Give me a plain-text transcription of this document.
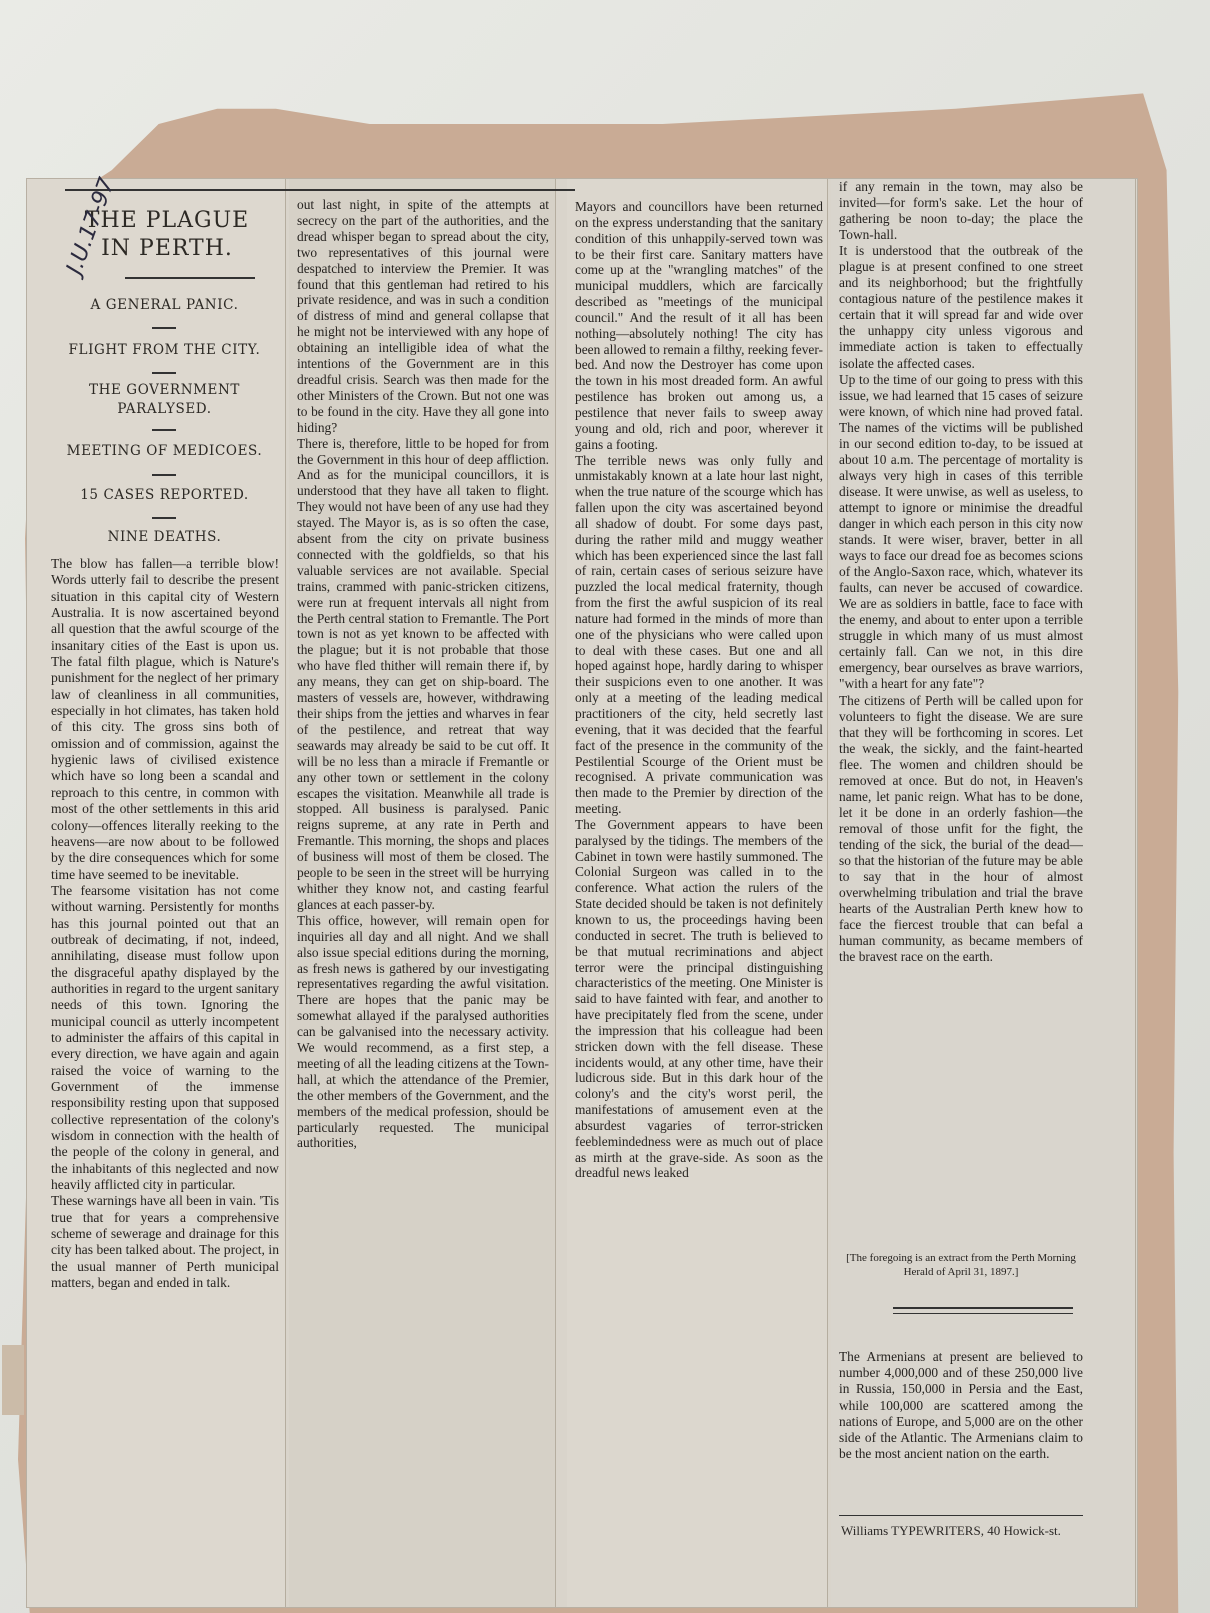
THE PLAGUE IN PERTH.
J.U.17-97
A GENERAL PANIC.
FLIGHT FROM THE CITY.
THE GOVERNMENT PARALYSED.
MEETING OF MEDICOES.
15 CASES REPORTED.
NINE DEATHS.
The blow has fallen—a terrible blow! Words utterly fail to describe the present situation in this capital city of Western Australia. It is now ascertained beyond all question that the awful scourge of the insanitary cities of the East is upon us. The fatal filth plague, which is Nature's punishment for the neglect of her primary law of cleanliness in all communities, especially in hot climates, has taken hold of this city. The gross sins both of omission and of commission, against the hygienic laws of civilised existence which have so long been a scandal and reproach to this centre, in common with most of the other settlements in this arid colony—offences literally reeking to the heavens—are now about to be followed by the dire consequences which for some time have seemed to be inevitable.
The fearsome visitation has not come without warning. Persistently for months has this journal pointed out that an outbreak of decimating, if not, indeed, annihilating, disease must follow upon the disgraceful apathy displayed by the authorities in regard to the urgent sanitary needs of this town. Ignoring the municipal council as utterly incompetent to administer the affairs of this capital in every direction, we have again and again raised the voice of warning to the Government of the immense responsibility resting upon that supposed collective representation of the colony's wisdom in connection with the health of the people of the colony in general, and the inhabitants of this neglected and now heavily afflicted city in particular.
These warnings have all been in vain. 'Tis true that for years a comprehensive scheme of sewerage and drainage for this city has been talked about. The project, in the usual manner of Perth municipal matters, began and ended in talk.
out last night, in spite of the attempts at secrecy on the part of the authorities, and the dread whisper began to spread about the city, two representatives of this journal were despatched to interview the Premier. It was found that this gentleman had retired to his private residence, and was in such a condition of distress of mind and general collapse that he might not be interviewed with any hope of obtaining an intelligible idea of what the intentions of the Government are in this dreadful crisis. Search was then made for the other Ministers of the Crown. But not one was to be found in the city. Have they all gone into hiding?
There is, therefore, little to be hoped for from the Government in this hour of deep affliction. And as for the municipal councillors, it is understood that they have all taken to flight. They would not have been of any use had they stayed. The Mayor is, as is so often the case, absent from the city on private business connected with the goldfields, so that his valuable services are not available. Special trains, crammed with panic-stricken citizens, were run at frequent intervals all night from the Perth central station to Fremantle. The Port town is not as yet known to be affected with the plague; but it is not probable that those who have fled thither will remain there if, by any means, they can get on ship-board. The masters of vessels are, however, withdrawing their ships from the jetties and wharves in fear of the pestilence, and retreat that way seawards may already be said to be cut off. It will be no less than a miracle if Fremantle or any other town or settlement in the colony escapes the visitation. Meanwhile all trade is stopped. All business is paralysed. Panic reigns supreme, at any rate in Perth and Fremantle. This morning, the shops and places of business will most of them be closed. The people to be seen in the street will be hurrying whither they know not, and casting fearful glances at each passer-by.
This office, however, will remain open for inquiries all day and all night. And we shall also issue special editions during the morning, as fresh news is gathered by our investigating representatives regarding the awful visitation. There are hopes that the panic may be somewhat allayed if the paralysed authorities can be galvanised into the necessary activity. We would recommend, as a first step, a meeting of all the leading citizens at the Town-hall, at which the attendance of the Premier, the other members of the Government, and the members of the medical profession, should be particularly requested. The municipal authorities,
Mayors and councillors have been returned on the express understanding that the sanitary condition of this unhappily-served town was to be their first care. Sanitary matters have come up at the "wrangling matches" of the municipal muddlers, which are farcically described as "meetings of the municipal council." And the result of it all has been nothing—absolutely nothing! The city has been allowed to remain a filthy, reeking fever-bed. And now the Destroyer has come upon the town in his most dreaded form. An awful pestilence has broken out among us, a pestilence that never fails to sweep away young and old, rich and poor, wherever it gains a footing.
The terrible news was only fully and unmistakably known at a late hour last night, when the true nature of the scourge which has fallen upon the city was ascertained beyond all shadow of doubt. For some days past, during the rather mild and muggy weather which has been experienced since the last fall of rain, certain cases of serious seizure have puzzled the local medical fraternity, though from the first the awful suspicion of its real nature had formed in the minds of more than one of the physicians who were called upon to deal with these cases. But one and all hoped against hope, hardly daring to whisper their suspicions even to one another. It was only at a meeting of the leading medical practitioners of the city, held secretly last evening, that it was decided that the fearful fact of the presence in the community of the Pestilential Scourge of the Orient must be recognised. A private communication was then made to the Premier by direction of the meeting.
The Government appears to have been paralysed by the tidings. The members of the Cabinet in town were hastily summoned. The Colonial Surgeon was called in to the conference. What action the rulers of the State decided should be taken is not definitely known to us, the proceedings having been conducted in secret. The truth is believed to be that mutual recriminations and abject terror were the principal distinguishing characteristics of the meeting. One Minister is said to have fainted with fear, and another to have precipitately fled from the scene, under the impression that his colleague had been stricken down with the fell disease. These incidents would, at any other time, have their ludicrous side. But in this dark hour of the colony's and the city's worst peril, the manifestations of amusement even at the absurdest vagaries of terror-stricken feeblemindedness were as much out of place as mirth at the grave-side. As soon as the dreadful news leaked
if any remain in the town, may also be invited—for form's sake. Let the hour of gathering be noon to-day; the place the Town-hall.
It is understood that the outbreak of the plague is at present confined to one street and its neighborhood; but the frightfully contagious nature of the pestilence makes it certain that it will spread far and wide over the unhappy city unless vigorous and immediate action is taken to effectually isolate the affected cases.
Up to the time of our going to press with this issue, we had learned that 15 cases of seizure were known, of which nine had proved fatal. The names of the victims will be published in our second edition to-day, to be issued at about 10 a.m. The percentage of mortality is always very high in cases of this terrible disease. It were unwise, as well as useless, to attempt to ignore or minimise the dreadful danger in which each person in this city now stands. It were wiser, braver, better in all ways to face our dread foe as becomes scions of the Anglo-Saxon race, which, whatever its faults, can never be accused of cowardice. We are as soldiers in battle, face to face with the enemy, and about to enter upon a terrible struggle in which many of us must almost certainly fall. Can we not, in this dire emergency, bear ourselves as brave warriors, "with a heart for any fate"?
The citizens of Perth will be called upon for volunteers to fight the disease. We are sure that they will be forthcoming in scores. Let the weak, the sickly, and the faint-hearted flee. The women and children should be removed at once. But do not, in Heaven's name, let panic reign. What has to be done, let it be done in an orderly fashion—the removal of those unfit for the fight, the tending of the sick, the burial of the dead—so that the historian of the future may be able to say that in the hour of almost overwhelming tribulation and trial the brave hearts of the Australian Perth knew how to face the fiercest trouble that can befal a human community, as became members of the bravest race on the earth.
[The foregoing is an extract from the Perth Morning Herald of April 31, 1897.]
The Armenians at present are believed to number 4,000,000 and of these 250,000 live in Russia, 150,000 in Persia and the East, while 100,000 are scattered among the nations of Europe, and 5,000 are on the other side of the Atlantic. The Armenians claim to be the most ancient nation on the earth.
Williams TYPEWRITERS, 40 Howick-st.
